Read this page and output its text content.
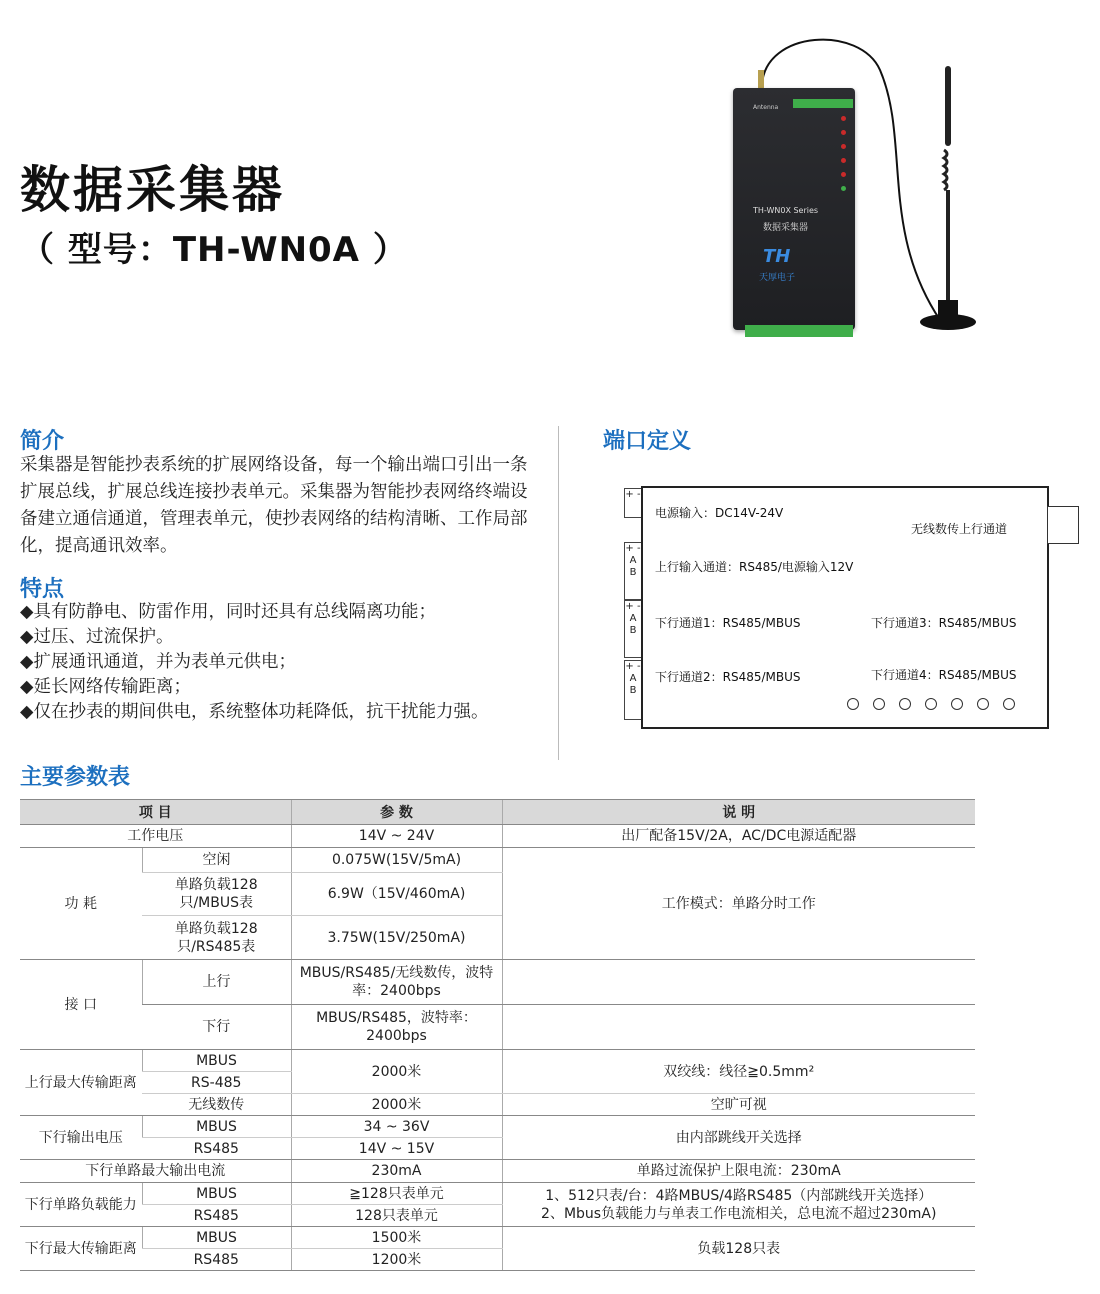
数据采集器
（ 型号：TH-WN0A ）
Antenna
TH-WN0X Series
数据采集器
TH
天厚电子
简介
采集器是智能抄表系统的扩展网络设备，每一个输出端口引出一条扩展总线，扩展总线连接抄表单元。采集器为智能抄表网络终端设备建立通信通道，管理表单元，使抄表网络的结构清晰、工作局部化，提高通讯效率。
特点
◆具有防静电、防雷作用，同时还具有总线隔离功能；
◆过压、过流保护。
◆扩展通讯通道，并为表单元供电；
◆延长网络传输距离；
◆仅在抄表的期间供电，系统整体功耗降低，抗干扰能力强。
端口定义
+ -
+ - A B
+ - A B
+ - A B
电源输入：DC14V-24V
无线数传上行通道
上行输入通道：RS485/电源输入12V
下行通道1：RS485/MBUS
下行通道2：RS485/MBUS
下行通道3：RS485/MBUS
下行通道4：RS485/MBUS
主要参数表
项 目		参 数	说 明
工作电压		14V ~ 24V	出厂配备15V/2A，AC/DC电源适配器
功 耗	空闲	0.075W(15V/5mA)	工作模式：单路分时工作
	单路负载128只/MBUS表	6.9W（15V/460mA)	
	单路负载128只/RS485表	3.75W(15V/250mA)	
接 口	上行	MBUS/RS485/无线数传，波特率：2400bps	
	下行	MBUS/RS485，波特率：2400bps	
上行最大传输距离	MBUS	2000米	双绞线：线径≧0.5mm²
	RS-485		
	无线数传	2000米	空旷可视
下行输出电压	MBUS	34 ~ 36V	由内部跳线开关选择
	RS485	14V ~ 15V	
下行单路最大输出电流		230mA	单路过流保护上限电流：230mA
下行单路负载能力	MBUS	≧128只表单元	1、512只表/台：4路MBUS/4路RS485（内部跳线开关选择）
2、Mbus负载能力与单表工作电流相关，总电流不超过230mA)

	RS485	128只表单元	
下行最大传输距离	MBUS	1500米	负载128只表
	RS485	1200米	
